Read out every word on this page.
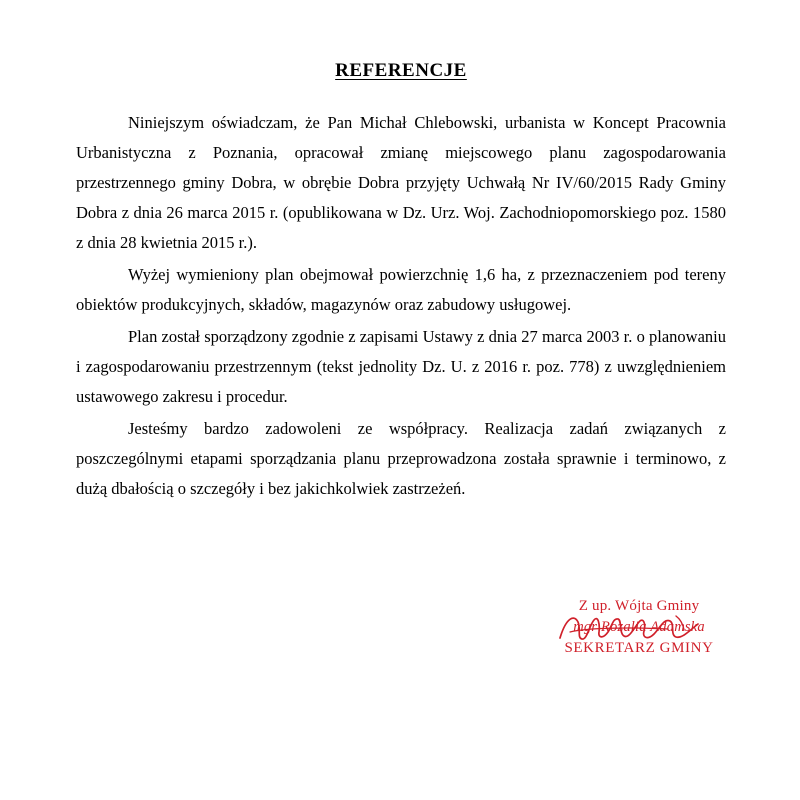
REFERENCJE

Niniejszym oświadczam, że Pan Michał Chlebowski, urbanista w Koncept Pracownia Urbanistyczna z Poznania, opracował zmianę miejscowego planu zagospodarowania przestrzennego gminy Dobra, w obrębie Dobra przyjęty Uchwałą Nr IV/60/2015 Rady Gminy Dobra z dnia 26 marca 2015 r. (opublikowana w Dz. Urz. Woj. Zachodniopomorskiego poz. 1580 z dnia 28 kwietnia 2015 r.).

Wyżej wymieniony plan obejmował powierzchnię 1,6 ha, z przeznaczeniem pod tereny obiektów produkcyjnych, składów, magazynów oraz zabudowy usługowej.

Plan został sporządzony zgodnie z zapisami Ustawy z dnia 27 marca 2003 r. o planowaniu i zagospodarowaniu przestrzennym (tekst jednolity Dz. U. z 2016 r. poz. 778) z uwzględnieniem ustawowego zakresu i procedur.

Jesteśmy bardzo zadowoleni ze współpracy. Realizacja zadań związanych z poszczególnymi etapami sporządzania planu przeprowadzona została sprawnie i terminowo, z dużą dbałością o szczegóły i bez jakichkolwiek zastrzeżeń.

Z up. Wójta Gminy
mgr Rozalia Adamska
SEKRETARZ GMINY
